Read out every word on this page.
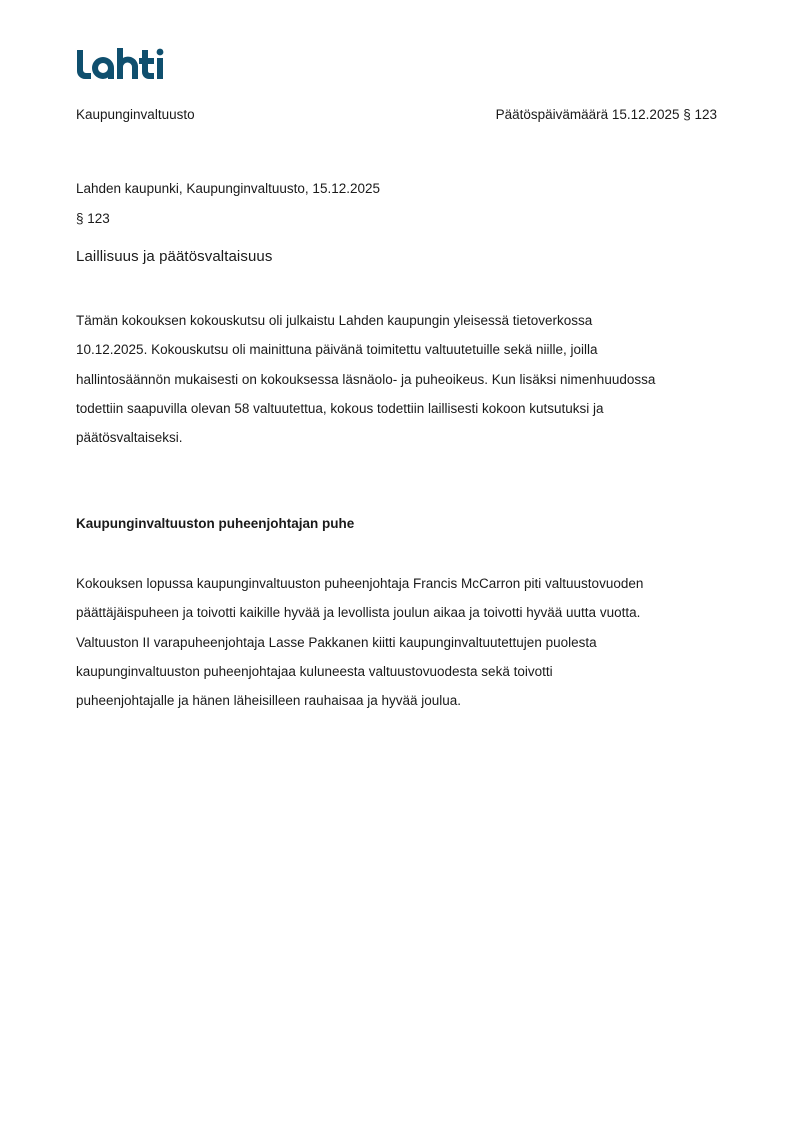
Kaupunginvaltuusto	Päätöspäivämäärä 15.12.2025 § 123
Lahden kaupunki, Kaupunginvaltuusto, 15.12.2025
§ 123
Laillisuus ja päätösvaltaisuus
Tämän kokouksen kokouskutsu oli julkaistu Lahden kaupungin yleisessä tietoverkossa
10.12.2025. Kokouskutsu oli mainittuna päivänä toimitettu valtuutetuille sekä niille, joilla
hallintosäännön mukaisesti on kokouksessa läsnäolo- ja puheoikeus. Kun lisäksi nimenhuudossa
todettiin saapuvilla olevan 58 valtuutettua, kokous todettiin laillisesti kokoon kutsutuksi ja
päätösvaltaiseksi.
Kaupunginvaltuuston puheenjohtajan puhe
Kokouksen lopussa kaupunginvaltuuston puheenjohtaja Francis McCarron piti valtuustovuoden
päättäjäispuheen ja toivotti kaikille hyvää ja levollista joulun aikaa ja toivotti hyvää uutta vuotta.
Valtuuston II varapuheenjohtaja Lasse Pakkanen kiitti kaupunginvaltuutettujen puolesta
kaupunginvaltuuston puheenjohtajaa kuluneesta valtuustovuodesta sekä toivotti
puheenjohtajalle ja hänen läheisilleen rauhaisaa ja hyvää joulua.
